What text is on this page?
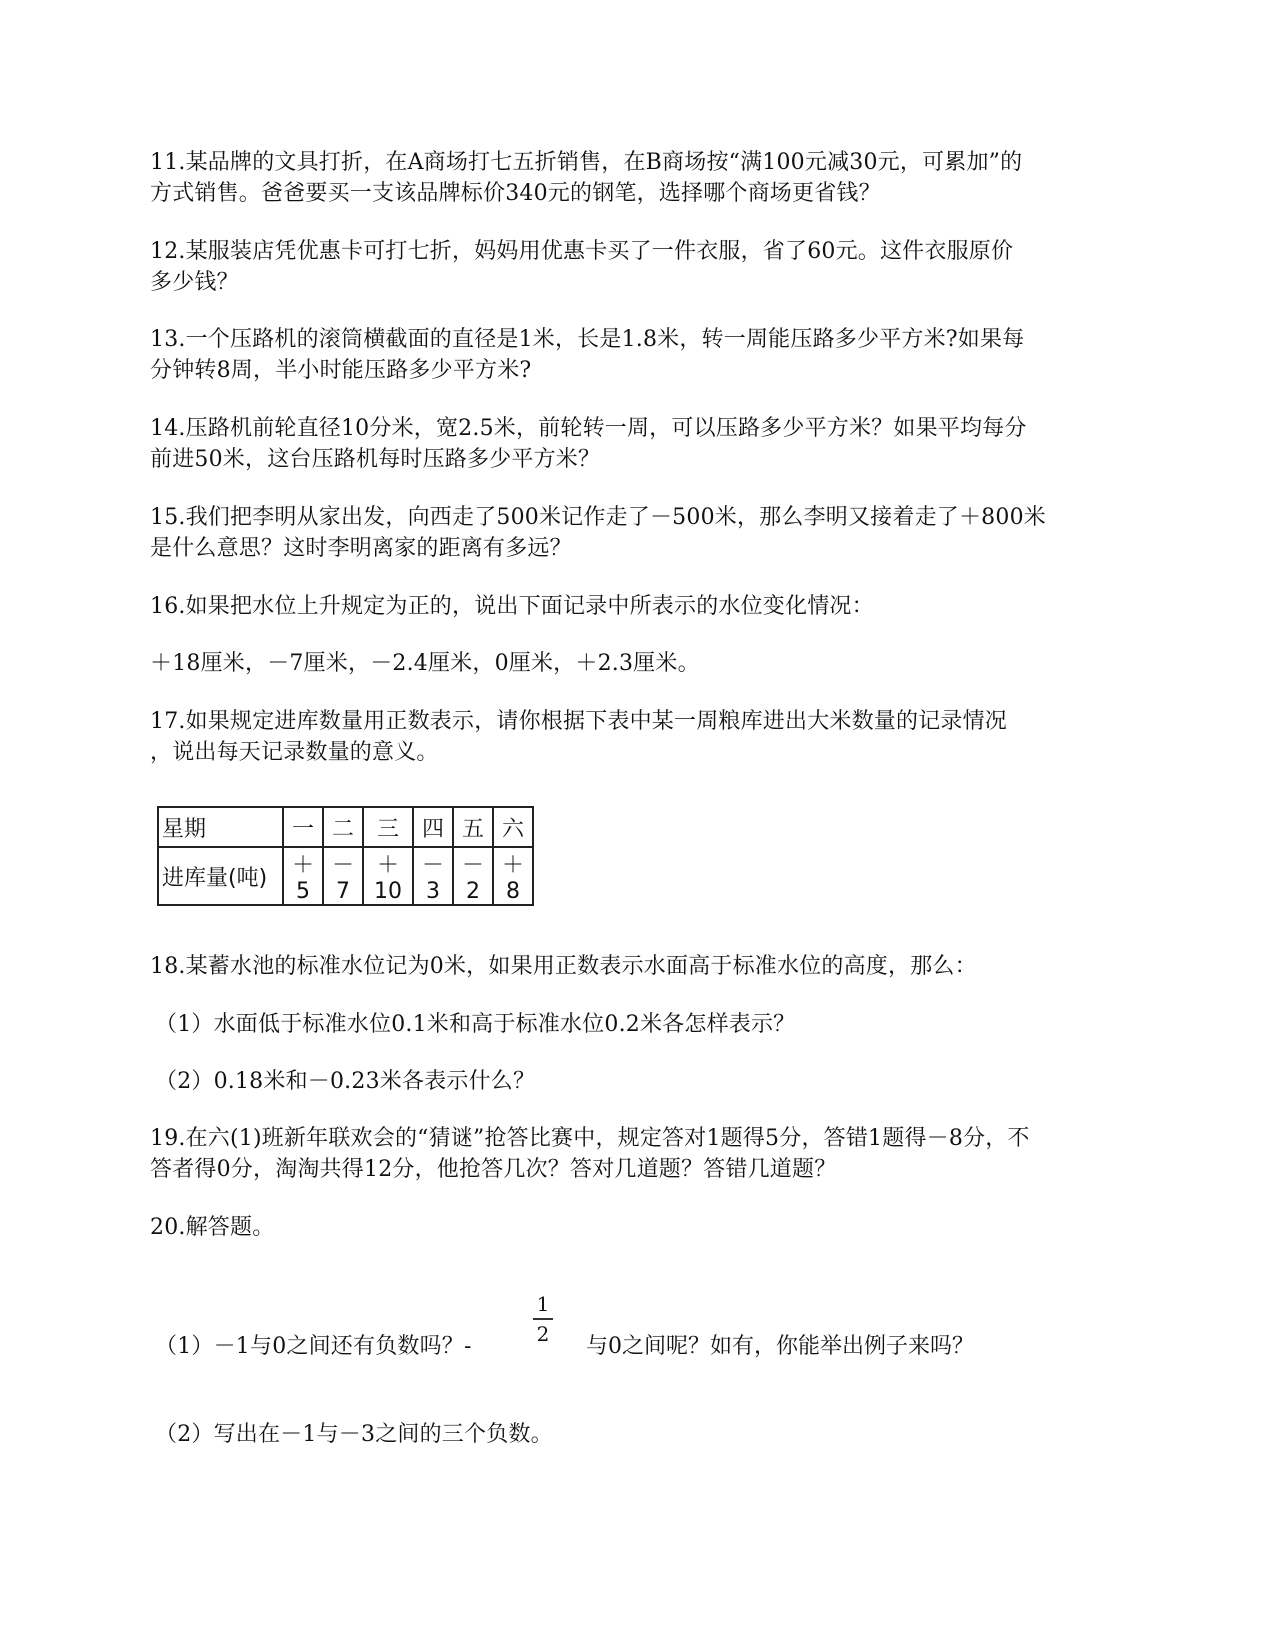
11.某品牌的文具打折，在A商场打七五折销售，在B商场按“满100元减30元，可累加”的
方式销售。爸爸要买一支该品牌标价340元的钢笔，选择哪个商场更省钱？
12.某服装店凭优惠卡可打七折，妈妈用优惠卡买了一件衣服，省了60元。这件衣服原价
多少钱？
13.一个压路机的滚筒横截面的直径是1米，长是1.8米，转一周能压路多少平方米?如果每
分钟转8周，半小时能压路多少平方米?
14.压路机前轮直径10分米，宽2.5米，前轮转一周，可以压路多少平方米？如果平均每分
前进50米，这台压路机每时压路多少平方米？
15.我们把李明从家出发，向西走了500米记作走了－500米，那么李明又接着走了＋800米
是什么意思？这时李明离家的距离有多远？
16.如果把水位上升规定为正的，说出下面记录中所表示的水位变化情况：
＋18厘米，－7厘米，－2.4厘米，0厘米，＋2.3厘米。
17.如果规定进库数量用正数表示，请你根据下表中某一周粮库进出大米数量的记录情况
，说出每天记录数量的意义。
星期	一	二	三	四	五	六
进库量(吨)	＋5	－7	＋10	－3	－2	＋8
18.某蓄水池的标准水位记为0米，如果用正数表示水面高于标准水位的高度，那么：
（1）水面低于标准水位0.1米和高于标准水位0.2米各怎样表示？
（2）0.18米和－0.23米各表示什么？
19.在六(1)班新年联欢会的“猜谜”抢答比赛中，规定答对1题得5分，答错1题得－8分，不
答者得0分，淘淘共得12分，他抢答几次？答对几道题？答错几道题？
20.解答题。
（1）－1与0之间还有负数吗？-
1
2 与0之间呢？如有，你能举出例子来吗？
（2）写出在－1与－3之间的三个负数。
